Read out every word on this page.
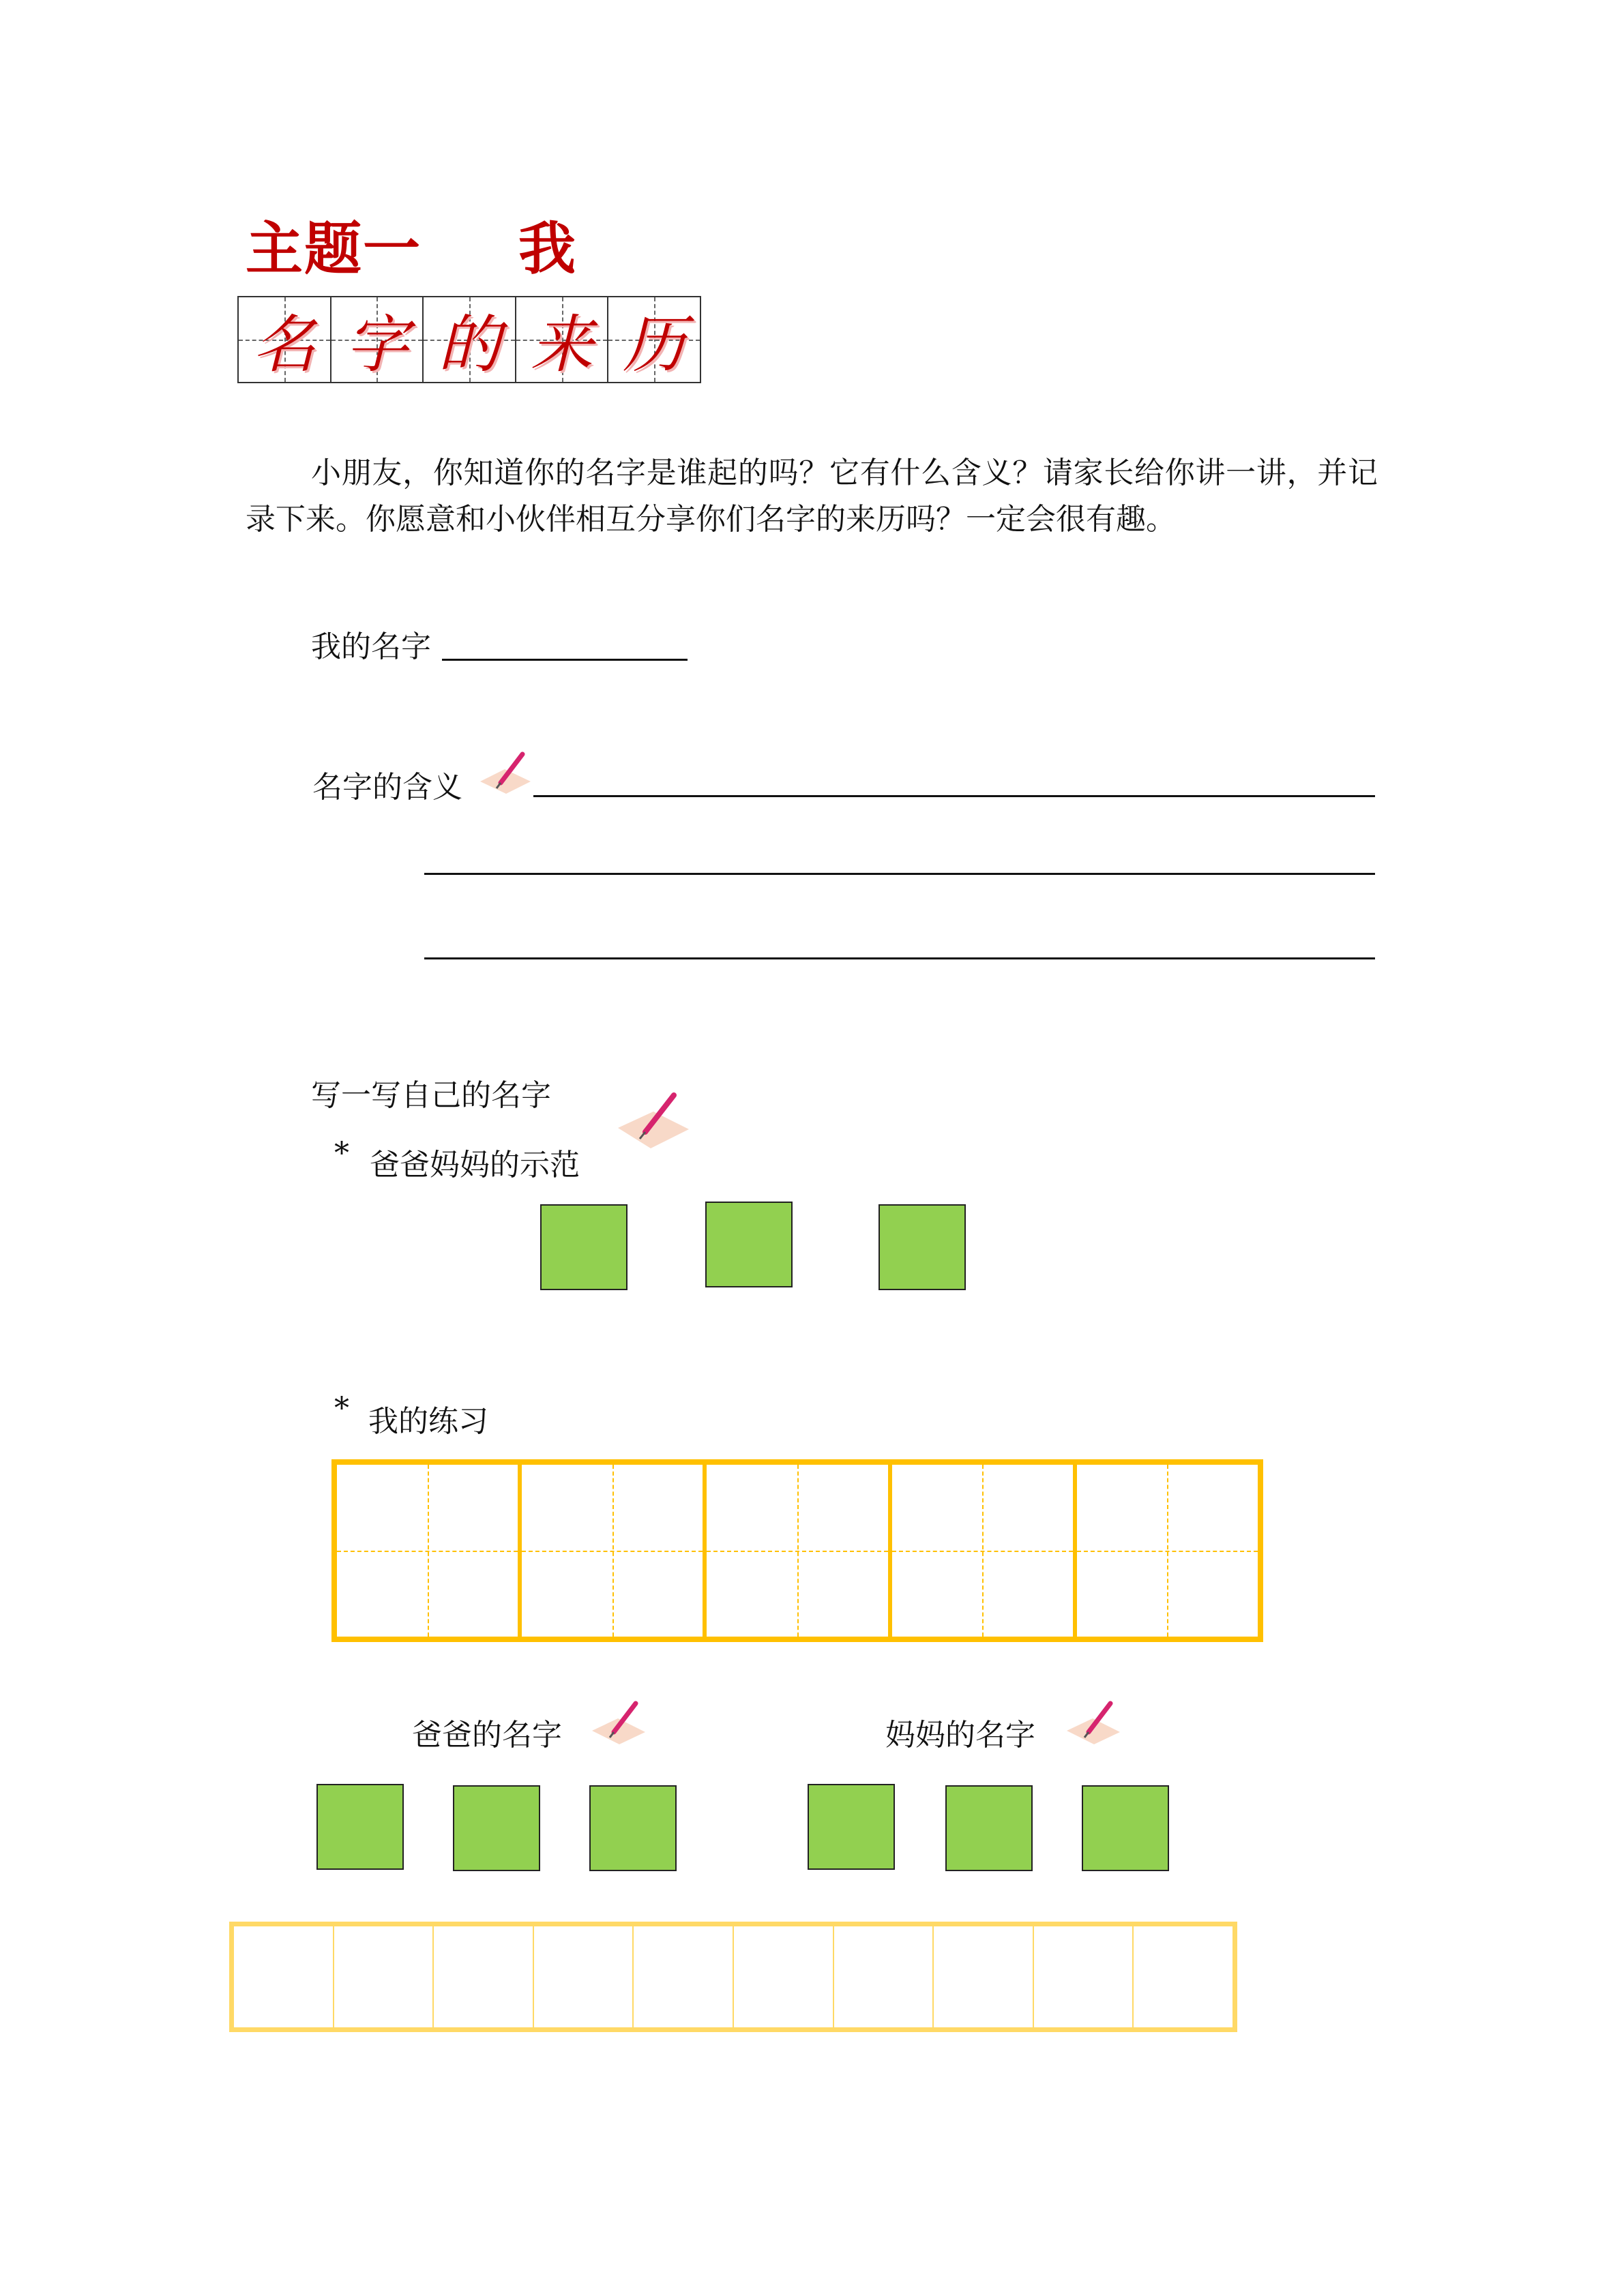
主题一 我
名 字 的 来 历
小朋友，你知道你的名字是谁起的吗？它有什么含义？请家长给你讲一讲，并记录下来。你愿意和小伙伴相互分享你们名字的来历吗？一定会很有趣。
我的名字
名字的含义
写一写自己的名字
* 爸爸妈妈的示范
* 我的练习
爸爸的名字	妈妈的名字
